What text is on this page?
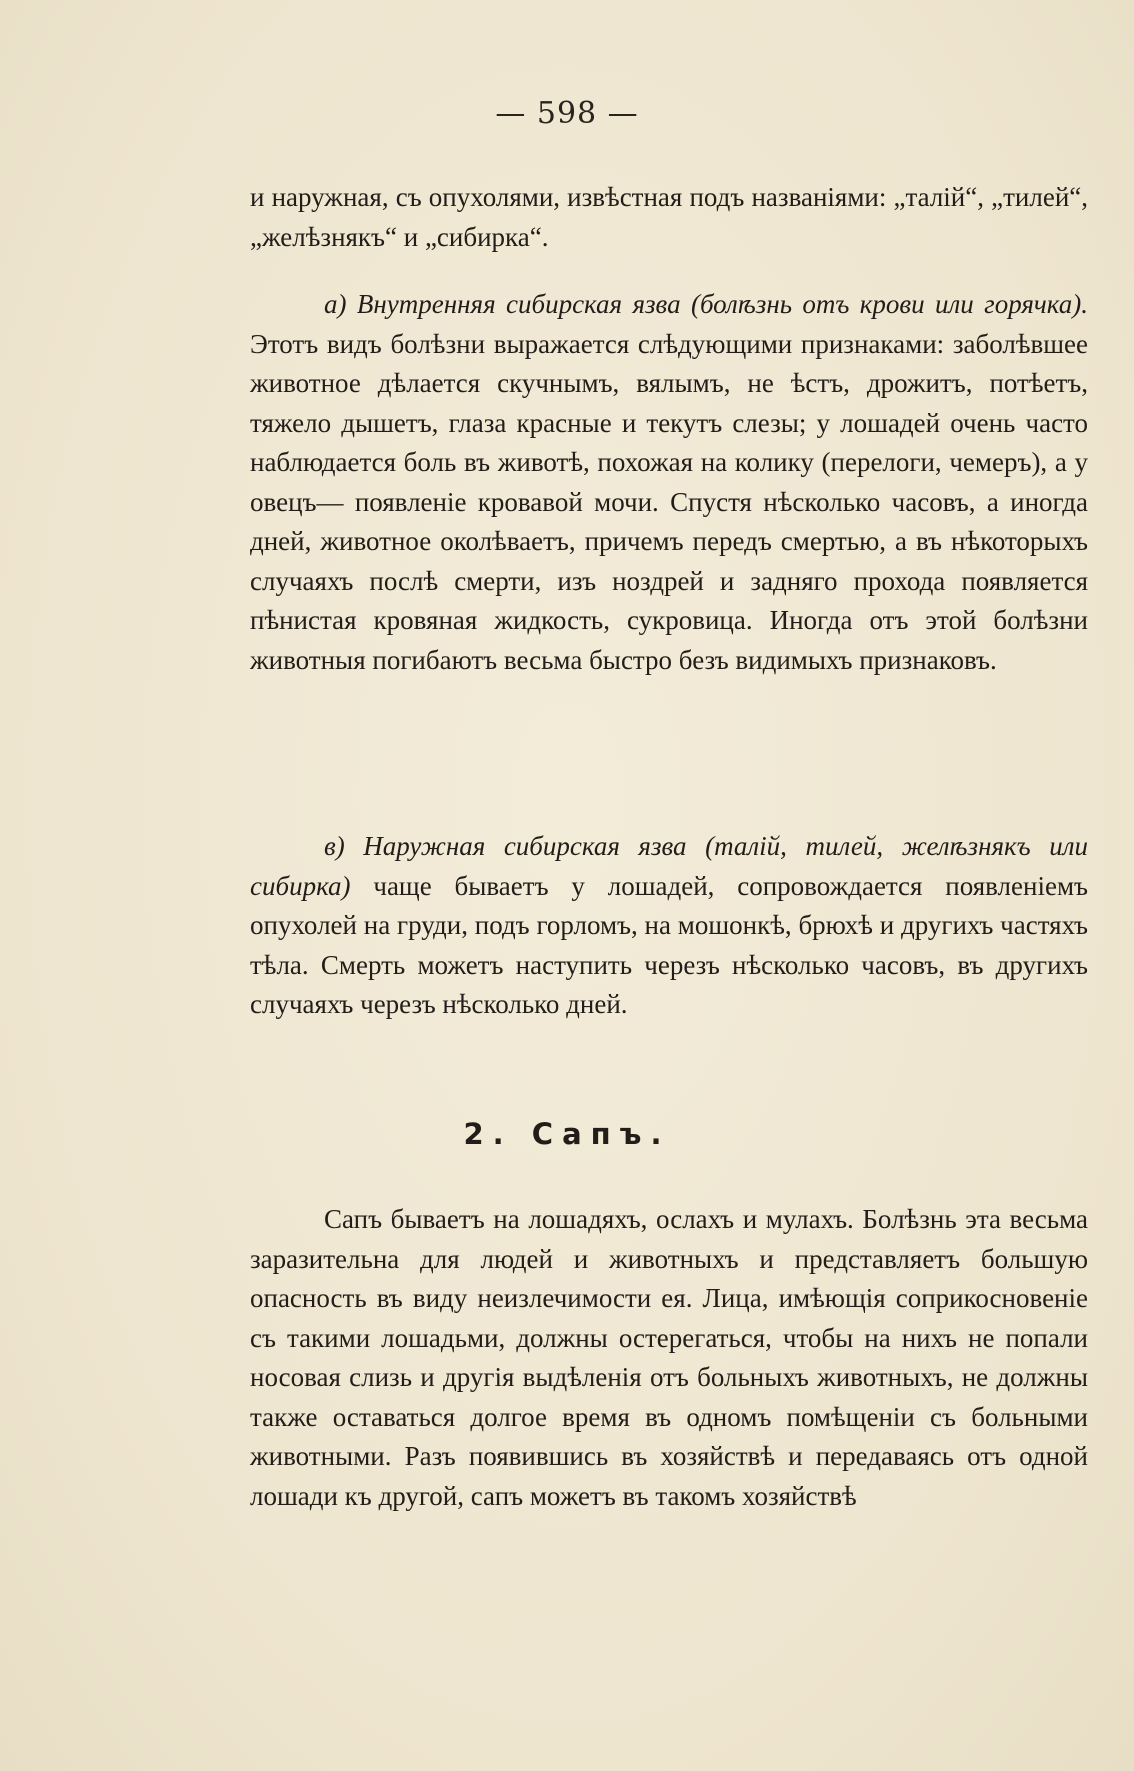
— 598 —

и наружная, съ опухолями, извѣстная подъ названіями: „талій“, „тилей“, „желѣзнякъ“ и „сибирка“.

а) Внутренняя сибирская язва (болѣзнь отъ крови или горячка). Этотъ видъ болѣзни выражается слѣдующими признаками: заболѣвшее животное дѣлается скучнымъ, вялымъ, не ѣстъ, дрожитъ, потѣетъ, тяжело дышетъ, глаза красные и текутъ слезы; у лошадей очень часто наблюдается боль въ животѣ, похожая на колику (перелоги, чемеръ), а у овецъ— появленіе кровавой мочи. Спустя нѣсколько часовъ, а иногда дней, животное околѣваетъ, причемъ передъ смертью, а въ нѣкоторыхъ случаяхъ послѣ смерти, изъ ноздрей и задняго прохода появляется пѣнистая кровяная жидкость, сукровица. Иногда отъ этой болѣзни животныя погибаютъ весьма быстро безъ видимыхъ признаковъ.

в) Наружная сибирская язва (талій, тилей, желѣзнякъ или сибирка) чаще бываетъ у лошадей, сопровождается появленіемъ опухолей на груди, подъ горломъ, на мошонкѣ, брюхѣ и другихъ частяхъ тѣла. Смерть можетъ наступить черезъ нѣсколько часовъ, въ другихъ случаяхъ черезъ нѣсколько дней.

2. Сапъ.

Сапъ бываетъ на лошадяхъ, ослахъ и мулахъ. Болѣзнь эта весьма заразительна для людей и животныхъ и представляетъ большую опасность въ виду неизлечимости ея. Лица, имѣющія соприкосновеніе съ такими лошадьми, должны остерегаться, чтобы на нихъ не попали носовая слизь и другія выдѣленія отъ больныхъ животныхъ, не должны также оставаться долгое время въ одномъ помѣщеніи съ больными животными. Разъ появившись въ хозяйствѣ и передаваясь отъ одной лошади къ другой, сапъ можетъ въ такомъ хозяйствѣ
